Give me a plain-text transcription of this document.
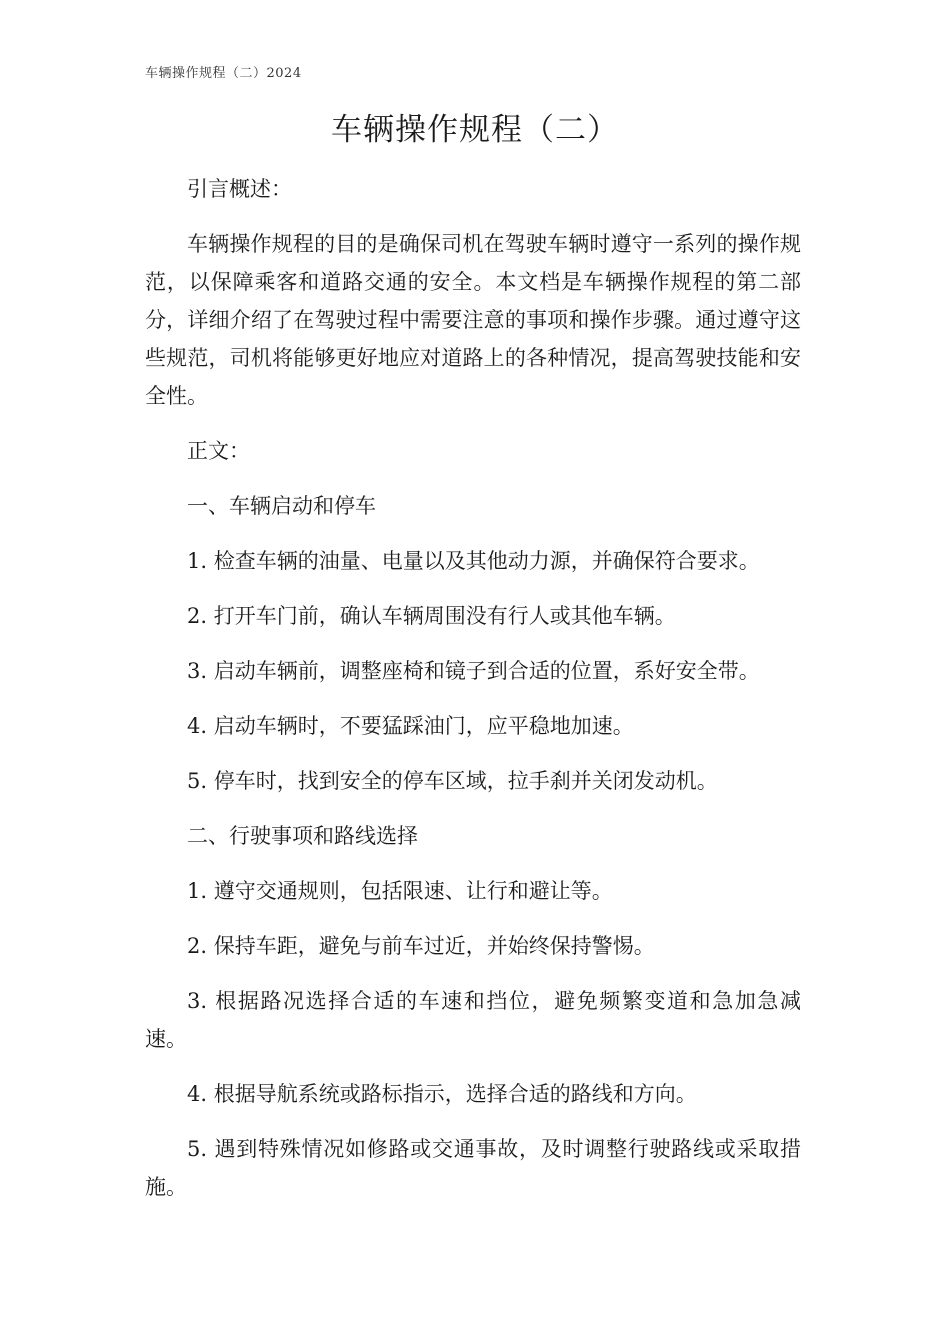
车辆操作规程（二）2024
车辆操作规程（二）

引言概述：

车辆操作规程的目的是确保司机在驾驶车辆时遵守一系列的操作规范，以保障乘客和道路交通的安全。本文档是车辆操作规程的第二部分，详细介绍了在驾驶过程中需要注意的事项和操作步骤。通过遵守这些规范，司机将能够更好地应对道路上的各种情况，提高驾驶技能和安全性。

正文：

一、车辆启动和停车

1. 检查车辆的油量、电量以及其他动力源，并确保符合要求。

2. 打开车门前，确认车辆周围没有行人或其他车辆。

3. 启动车辆前，调整座椅和镜子到合适的位置，系好安全带。

4. 启动车辆时，不要猛踩油门，应平稳地加速。

5. 停车时，找到安全的停车区域，拉手刹并关闭发动机。

二、行驶事项和路线选择

1. 遵守交通规则，包括限速、让行和避让等。

2. 保持车距，避免与前车过近，并始终保持警惕。

3. 根据路况选择合适的车速和挡位，避免频繁变道和急加急减速。

4. 根据导航系统或路标指示，选择合适的路线和方向。

5. 遇到特殊情况如修路或交通事故，及时调整行驶路线或采取措施。
